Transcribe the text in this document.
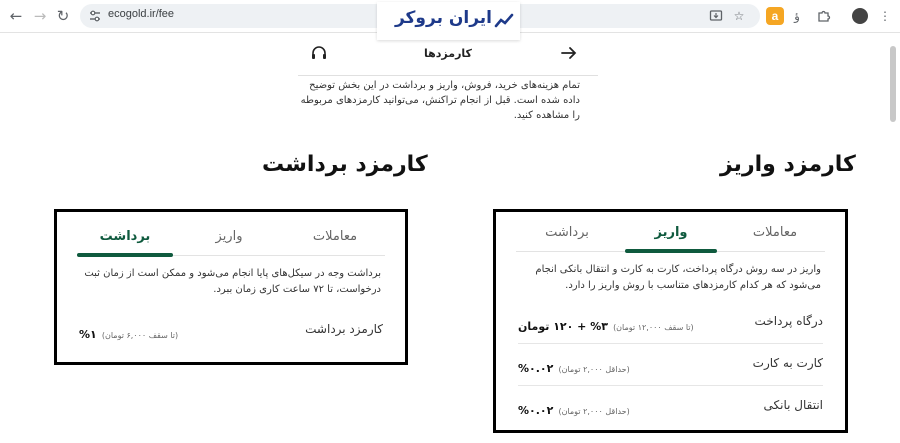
← → ↻	ecogold.ir/fee	☆	a	ؤ	⋮
ایران بروکر
کارمزدها
تمام هزینه‌های خرید، فروش، واریز و برداشت در این بخش توضیح داده شده است. قبل از انجام تراکنش، می‌توانید کارمزدهای مربوطه را مشاهده کنید.
کارمزد واریز
کارمزد برداشت
معاملات
واریز
برداشت
برداشت وجه در سیکل‌های پایا انجام می‌شود و ممکن است از زمان ثبت درخواست، تا ۷۲ ساعت کاری زمان ببرد.
کارمزد برداشت
(تا سقف ۶,۰۰۰ تومان) ۱%
معاملات
واریز
برداشت
واریز در سه روش درگاه پرداخت، کارت به کارت و انتقال بانکی انجام می‌شود که هر کدام کارمزدهای متناسب با روش واریز را دارد.
درگاه پرداخت
(تا سقف ۱۲,۰۰۰ تومان) ۳% + ۱۲۰ تومان
کارت به کارت
(حداقل ۲,۰۰۰ تومان) ۰.۰۲%
انتقال بانکی
(حداقل ۲,۰۰۰ تومان) ۰.۰۲%
